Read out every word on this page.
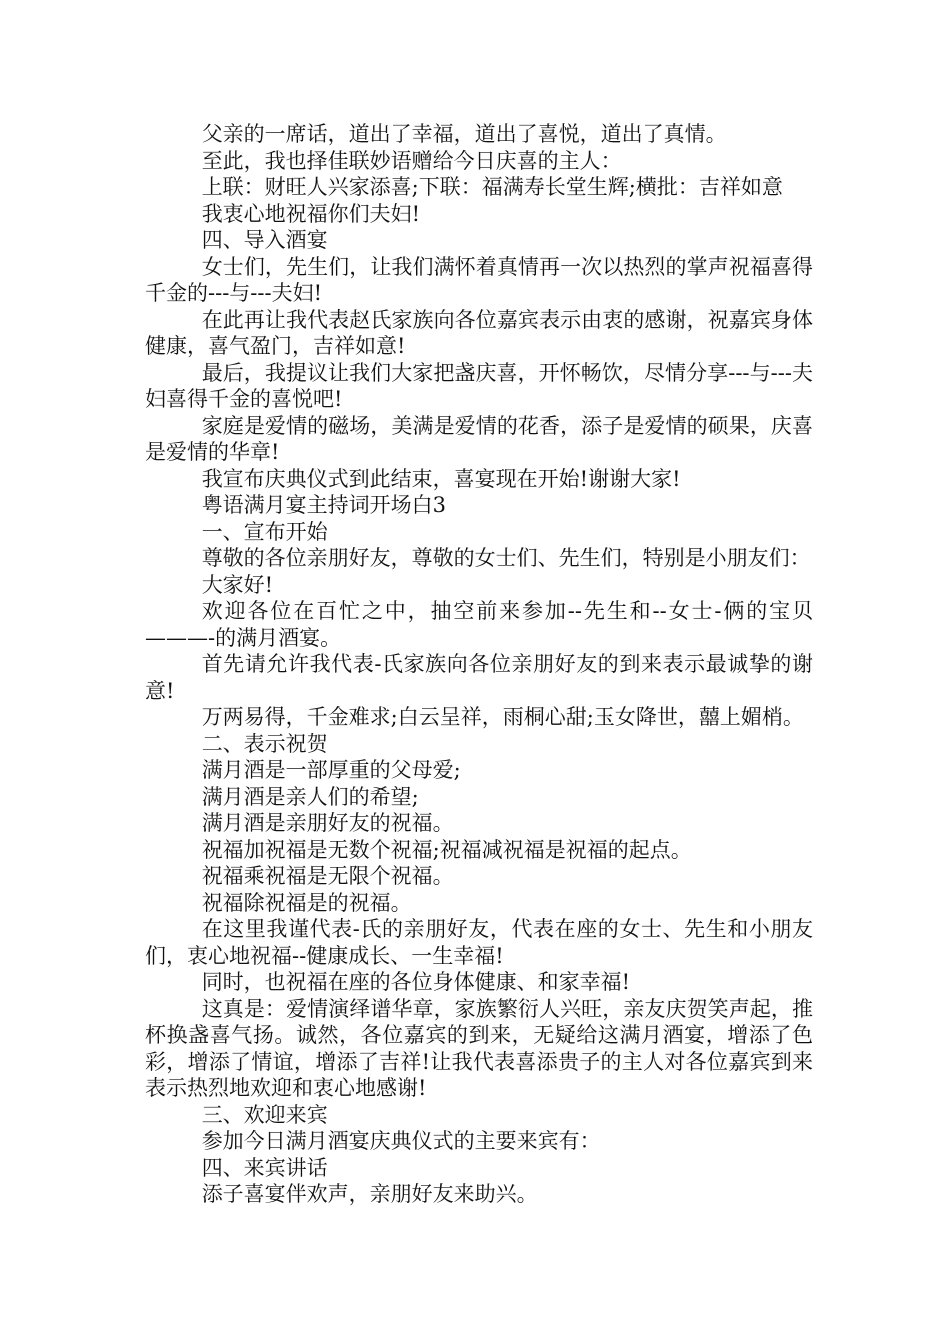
父亲的一席话，道出了幸福，道出了喜悦，道出了真情。

至此，我也择佳联妙语赠给今日庆喜的主人：

上联：财旺人兴家添喜;下联：福满寿长堂生辉;横批：吉祥如意

我衷心地祝福你们夫妇!

四、导入酒宴

女士们，先生们，让我们满怀着真情再一次以热烈的掌声祝福喜得千金的---与---夫妇!

在此再让我代表赵氏家族向各位嘉宾表示由衷的感谢，祝嘉宾身体健康，喜气盈门，吉祥如意!

最后，我提议让我们大家把盏庆喜，开怀畅饮，尽情分享---与---夫妇喜得千金的喜悦吧!

家庭是爱情的磁场，美满是爱情的花香，添子是爱情的硕果，庆喜是爱情的华章!

我宣布庆典仪式到此结束，喜宴现在开始!谢谢大家!

粤语满月宴主持词开场白3

一、宣布开始

尊敬的各位亲朋好友，尊敬的女士们、先生们，特别是小朋友们：

大家好!

欢迎各位在百忙之中，抽空前来参加--先生和--女士-俩的宝贝———-的满月酒宴。

首先请允许我代表-氏家族向各位亲朋好友的到来表示最诚挚的谢意!

万两易得，千金难求;白云呈祥，雨桐心甜;玉女降世，囍上媚梢。

二、表示祝贺

满月酒是一部厚重的父母爱;

满月酒是亲人们的希望;

满月酒是亲朋好友的祝福。

祝福加祝福是无数个祝福;祝福减祝福是祝福的起点。

祝福乘祝福是无限个祝福。

祝福除祝福是的祝福。

在这里我谨代表-氏的亲朋好友，代表在座的女士、先生和小朋友们，衷心地祝福--健康成长、一生幸福!

同时，也祝福在座的各位身体健康、和家幸福!

这真是：爱情演绎谱华章，家族繁衍人兴旺，亲友庆贺笑声起，推杯换盏喜气扬。诚然，各位嘉宾的到来，无疑给这满月酒宴，增添了色彩，增添了情谊，增添了吉祥!让我代表喜添贵子的主人对各位嘉宾到来表示热烈地欢迎和衷心地感谢!

三、欢迎来宾

参加今日满月酒宴庆典仪式的主要来宾有：

四、来宾讲话

添子喜宴伴欢声，亲朋好友来助兴。
